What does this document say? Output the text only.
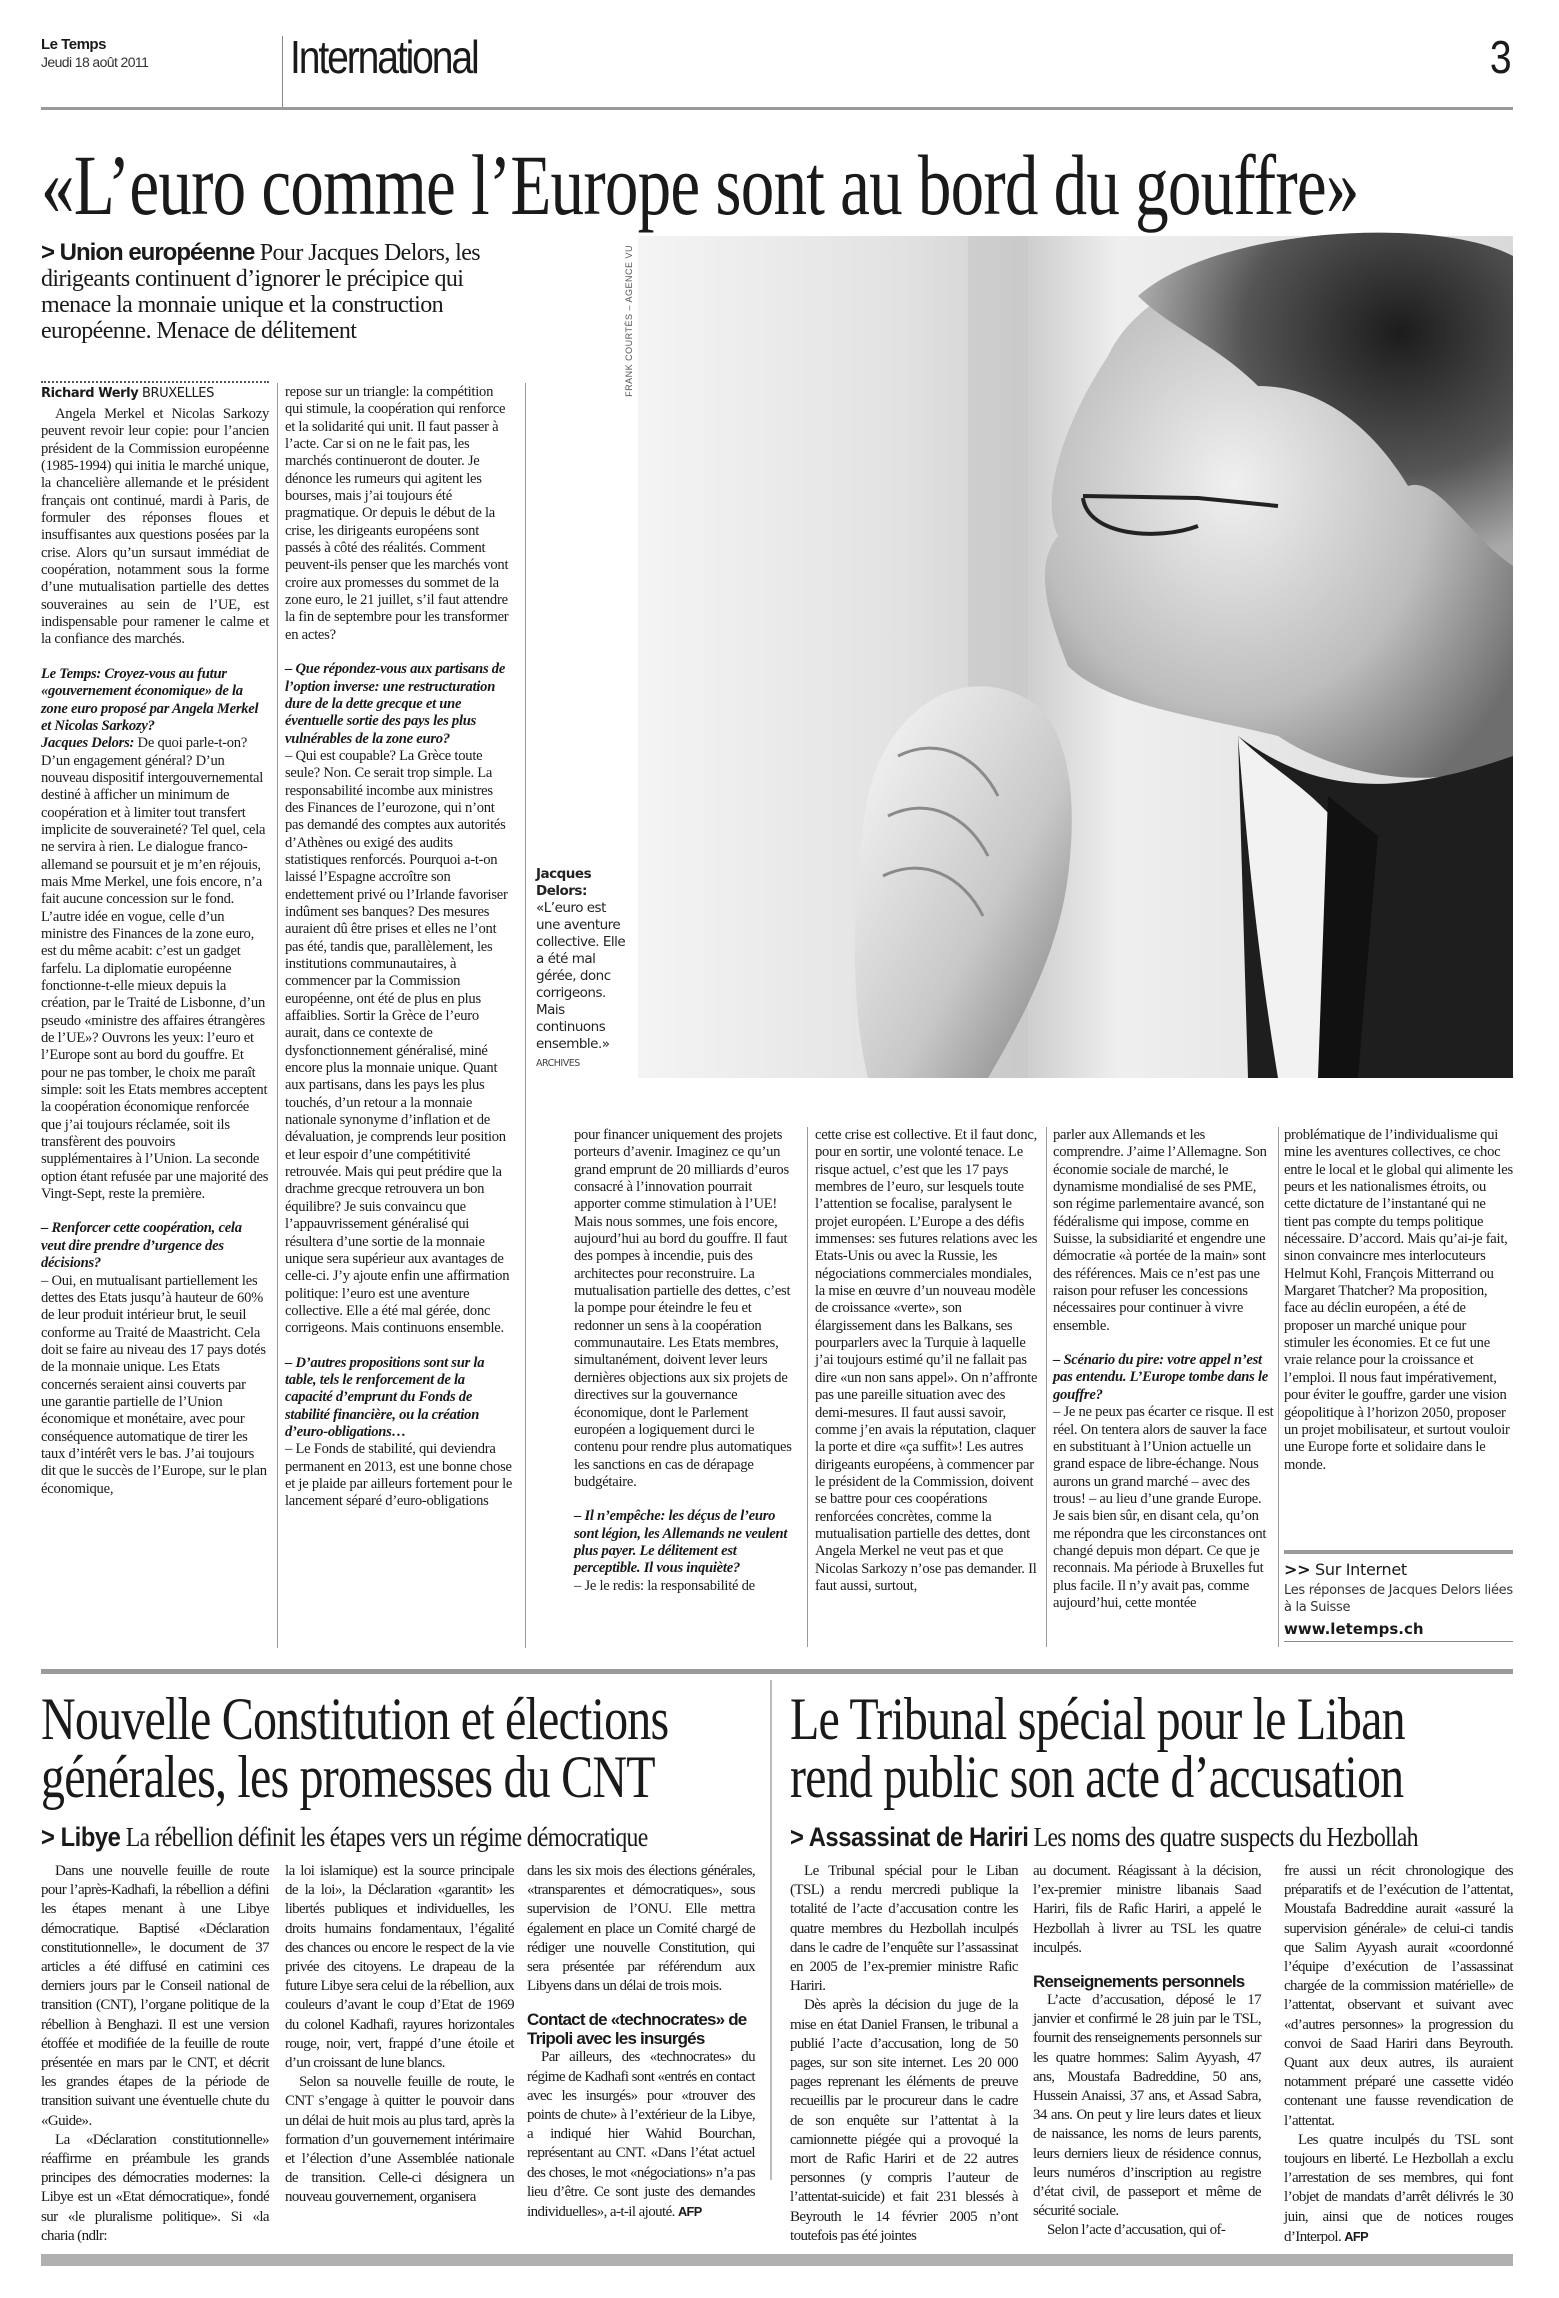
Le Temps
Jeudi 18 août 2011	International	3
«L’euro comme l’Europe sont au bord du gouffre»
> Union européenne Pour Jacques Delors, les dirigeants continuent d’ignorer le précipice qui menace la monnaie unique et la construction européenne. Menace de délitement	FRANK COURTÈS – AGENCE VU
Jacques Delors:
«L’euro est une aventure collective. Elle a été mal gérée, donc corrigeons. Mais continuons ensemble.»
ARCHIVES
Richard Werly BRUXELLES

Angela Merkel et Nicolas Sarkozy peuvent revoir leur copie: pour l’ancien président de la Commission européenne (1985-1994) qui initia le marché unique, la chancelière allemande et le président français ont continué, mardi à Paris, de formuler des réponses floues et insuffisantes aux questions posées par la crise. Alors qu’un sursaut immédiat de coopération, notamment sous la forme d’une mutualisation partielle des dettes souveraines au sein de l’UE, est indispensable pour ramener le calme et la confiance des marchés.

Le Temps: Croyez-vous au futur «gouvernement économique» de la zone euro proposé par Angela Merkel et Nicolas Sarkozy?

Jacques Delors: De quoi parle-t-on? D’un engagement général? D’un nouveau dispositif intergouvernemental destiné à afficher un minimum de coopération et à limiter tout transfert implicite de souveraineté? Tel quel, cela ne servira à rien. Le dialogue franco-allemand se poursuit et je m’en réjouis, mais Mme Merkel, une fois encore, n’a fait aucune concession sur le fond. L’autre idée en vogue, celle d’un ministre des Finances de la zone euro, est du même acabit: c’est un gadget farfelu. La diplomatie européenne fonctionne-t-elle mieux depuis la création, par le Traité de Lisbonne, d’un pseudo «ministre des affaires étrangères de l’UE»? Ouvrons les yeux: l’euro et l’Europe sont au bord du gouffre. Et pour ne pas tomber, le choix me paraît simple: soit les Etats membres acceptent la coopération économique renforcée que j’ai toujours réclamée, soit ils transfèrent des pouvoirs supplémentaires à l’Union. La seconde option étant refusée par une majorité des Vingt-Sept, reste la première.

– Renforcer cette coopération, cela veut dire prendre d’urgence des décisions?

– Oui, en mutualisant partiellement les dettes des Etats jusqu’à hauteur de 60% de leur produit intérieur brut, le seuil conforme au Traité de Maastricht. Cela doit se faire au niveau des 17 pays dotés de la monnaie unique. Les Etats concernés seraient ainsi couverts par une garantie partielle de l’Union économique et monétaire, avec pour conséquence automatique de tirer les taux d’intérêt vers le bas. J’ai toujours dit que le succès de l’Europe, sur le plan économique,

repose sur un triangle: la compétition qui stimule, la coopération qui renforce et la solidarité qui unit. Il faut passer à l’acte. Car si on ne le fait pas, les marchés continueront de douter. Je dénonce les rumeurs qui agitent les bourses, mais j’ai toujours été pragmatique. Or depuis le début de la crise, les dirigeants européens sont passés à côté des réalités. Comment peuvent-ils penser que les marchés vont croire aux promesses du sommet de la zone euro, le 21 juillet, s’il faut attendre la fin de septembre pour les transformer en actes?

– Que répondez-vous aux partisans de l’option inverse: une restructuration dure de la dette grecque et une éventuelle sortie des pays les plus vulnérables de la zone euro?

– Qui est coupable? La Grèce toute seule? Non. Ce serait trop simple. La responsabilité incombe aux ministres des Finances de l’eurozone, qui n’ont pas demandé des comptes aux autorités d’Athènes ou exigé des audits statistiques renforcés. Pourquoi a-t-on laissé l’Espagne accroître son endettement privé ou l’Irlande favoriser indûment ses banques? Des mesures auraient dû être prises et elles ne l’ont pas été, tandis que, parallèlement, les institutions communautaires, à commencer par la Commission européenne, ont été de plus en plus affaiblies. Sortir la Grèce de l’euro aurait, dans ce contexte de dysfonctionnement généralisé, miné encore plus la monnaie unique. Quant aux partisans, dans les pays les plus touchés, d’un retour a la monnaie nationale synonyme d’inflation et de dévaluation, je comprends leur position et leur espoir d’une compétitivité retrouvée. Mais qui peut prédire que la drachme grecque retrouvera un bon équilibre? Je suis convaincu que l’appauvrissement généralisé qui résultera d’une sortie de la monnaie unique sera supérieur aux avantages de celle-ci. J’y ajoute enfin une affirmation politique: l’euro est une aventure collective. Elle a été mal gérée, donc corrigeons. Mais continuons ensemble.

– D’autres propositions sont sur la table, tels le renforcement de la capacité d’emprunt du Fonds de stabilité financière, ou la création d’euro-obligations…

– Le Fonds de stabilité, qui deviendra permanent en 2013, est une bonne chose et je plaide par ailleurs fortement pour le lancement séparé d’euro-obligations

pour financer uniquement des projets porteurs d’avenir. Imaginez ce qu’un grand emprunt de 20 milliards d’euros consacré à l’innovation pourrait apporter comme stimulation à l’UE! Mais nous sommes, une fois encore, aujourd’hui au bord du gouffre. Il faut des pompes à incendie, puis des architectes pour reconstruire. La mutualisation partielle des dettes, c’est la pompe pour éteindre le feu et redonner un sens à la coopération communautaire. Les Etats membres, simultanément, doivent lever leurs dernières objections aux six projets de directives sur la gouvernance économique, dont le Parlement européen a logiquement durci le contenu pour rendre plus automatiques les sanctions en cas de dérapage budgétaire.

– Il n’empêche: les déçus de l’euro sont légion, les Allemands ne veulent plus payer. Le délitement est perceptible. Il vous inquiète?

– Je le redis: la responsabilité de

cette crise est collective. Et il faut donc, pour en sortir, une volonté tenace. Le risque actuel, c’est que les 17 pays membres de l’euro, sur lesquels toute l’attention se focalise, paralysent le projet européen. L’Europe a des défis immenses: ses futures relations avec les Etats-Unis ou avec la Russie, les négociations commerciales mondiales, la mise en œuvre d’un nouveau modèle de croissance «verte», son élargissement dans les Balkans, ses pourparlers avec la Turquie à laquelle j’ai toujours estimé qu’il ne fallait pas dire «un non sans appel». On n’affronte pas une pareille situation avec des demi-mesures. Il faut aussi savoir, comme j’en avais la réputation, claquer la porte et dire «ça suffit»! Les autres dirigeants européens, à commencer par le président de la Commission, doivent se battre pour ces coopérations renforcées concrètes, comme la mutualisation partielle des dettes, dont Angela Merkel ne veut pas et que Nicolas Sarkozy n’ose pas demander. Il faut aussi, surtout,

parler aux Allemands et les comprendre. J’aime l’Allemagne. Son économie sociale de marché, le dynamisme mondialisé de ses PME, son régime parlementaire avancé, son fédéralisme qui impose, comme en Suisse, la subsidiarité et engendre une démocratie «à portée de la main» sont des références. Mais ce n’est pas une raison pour refuser les concessions nécessaires pour continuer à vivre ensemble.

– Scénario du pire: votre appel n’est pas entendu. L’Europe tombe dans le gouffre?

– Je ne peux pas écarter ce risque. Il est réel. On tentera alors de sauver la face en substituant à l’Union actuelle un grand espace de libre-échange. Nous aurons un grand marché – avec des trous! – au lieu d’une grande Europe. Je sais bien sûr, en disant cela, qu’on me répondra que les circonstances ont changé depuis mon départ. Ce que je reconnais. Ma période à Bruxelles fut plus facile. Il n’y avait pas, comme aujourd’hui, cette montée

problématique de l’individualisme qui mine les aventures collectives, ce choc entre le local et le global qui alimente les peurs et les nationalismes étroits, ou cette dictature de l’instantané qui ne tient pas compte du temps politique nécessaire. D’accord. Mais qu’ai-je fait, sinon convaincre mes interlocuteurs Helmut Kohl, François Mitterrand ou Margaret Thatcher? Ma proposition, face au déclin européen, a été de proposer un marché unique pour stimuler les économies. Et ce fut une vraie relance pour la croissance et l’emploi. Il nous faut impérativement, pour éviter le gouffre, garder une vision géopolitique à l’horizon 2050, proposer un projet mobilisateur, et surtout vouloir une Europe forte et solidaire dans le monde.

>> Sur Internet
Les réponses de Jacques Delors liées à la Suisse
www.letemps.ch
Nouvelle Constitution et élections
générales, les promesses du CNT
> Libye La rébellion définit les étapes vers un régime démocratique

Dans une nouvelle feuille de route pour l’après-Kadhafi, la rébellion a défini les étapes menant à une Libye démocratique. Baptisé «Déclaration constitutionnelle», le document de 37 articles a été diffusé en catimini ces derniers jours par le Conseil national de transition (CNT), l’organe politique de la rébellion à Benghazi. Il est une version étoffée et modifiée de la feuille de route présentée en mars par le CNT, et décrit les grandes étapes de la période de transition suivant une éventuelle chute du «Guide».

La «Déclaration constitutionnelle» réaffirme en préambule les grands principes des démocraties modernes: la Libye est un «Etat démocratique», fondé sur «le pluralisme politique». Si «la charia (ndlr:

la loi islamique) est la source principale de la loi», la Déclaration «garantit» les libertés publiques et individuelles, les droits humains fondamentaux, l’égalité des chances ou encore le respect de la vie privée des citoyens. Le drapeau de la future Libye sera celui de la rébellion, aux couleurs d’avant le coup d’Etat de 1969 du colonel Kadhafi, rayures horizontales rouge, noir, vert, frappé d’une étoile et d’un croissant de lune blancs.

Selon sa nouvelle feuille de route, le CNT s’engage à quitter le pouvoir dans un délai de huit mois au plus tard, après la formation d’un gouvernement intérimaire et l’élection d’une Assemblée nationale de transition. Celle-ci désignera un nouveau gouvernement, organisera

dans les six mois des élections générales, «transparentes et démocratiques», sous supervision de l’ONU. Elle mettra également en place un Comité chargé de rédiger une nouvelle Constitution, qui sera présentée par référendum aux Libyens dans un délai de trois mois.

Contact de «technocrates» de Tripoli avec les insurgés

Par ailleurs, des «technocrates» du régime de Kadhafi sont «entrés en contact avec les insurgés» pour «trouver des points de chute» à l’extérieur de la Libye, a indiqué hier Wahid Bourchan, représentant au CNT. «Dans l’état actuel des choses, le mot «négociations» n’a pas lieu d’être. Ce sont juste des demandes individuelles», a-t-il ajouté. AFP

Le Tribunal spécial pour le Liban
rend public son acte d’accusation
> Assassinat de Hariri Les noms des quatre suspects du Hezbollah

Le Tribunal spécial pour le Liban (TSL) a rendu mercredi publique la totalité de l’acte d’accusation contre les quatre membres du Hezbollah inculpés dans le cadre de l’enquête sur l’assassinat en 2005 de l’ex-premier ministre Rafic Hariri.

Dès après la décision du juge de la mise en état Daniel Fransen, le tribunal a publié l’acte d’accusation, long de 50 pages, sur son site internet. Les 20 000 pages reprenant les éléments de preuve recueillis par le procureur dans le cadre de son enquête sur l’attentat à la camionnette piégée qui a provoqué la mort de Rafic Hariri et de 22 autres personnes (y compris l’auteur de l’attentat-suicide) et fait 231 blessés à Beyrouth le 14 février 2005 n’ont toutefois pas été jointes

au document. Réagissant à la décision, l’ex-premier ministre libanais Saad Hariri, fils de Rafic Hariri, a appelé le Hezbollah à livrer au TSL les quatre inculpés.

Renseignements personnels

L’acte d’accusation, déposé le 17 janvier et confirmé le 28 juin par le TSL, fournit des renseignements personnels sur les quatre hommes: Salim Ayyash, 47 ans, Moustafa Badreddine, 50 ans, Hussein Anaissi, 37 ans, et Assad Sabra, 34 ans. On peut y lire leurs dates et lieux de naissance, les noms de leurs parents, leurs derniers lieux de résidence connus, leurs numéros d’inscription au registre d’état civil, de passeport et même de sécurité sociale.

Selon l’acte d’accusation, qui of-

fre aussi un récit chronologique des préparatifs et de l’exécution de l’attentat, Moustafa Badreddine aurait «assuré la supervision générale» de celui-ci tandis que Salim Ayyash aurait «coordonné l’équipe d’exécution de l’assassinat chargée de la commission matérielle» de l’attentat, observant et suivant avec «d’autres personnes» la progression du convoi de Saad Hariri dans Beyrouth. Quant aux deux autres, ils auraient notamment préparé une cassette vidéo contenant une fausse revendication de l’attentat.

Les quatre inculpés du TSL sont toujours en liberté. Le Hezbollah a exclu l’arrestation de ses membres, qui font l’objet de mandats d’arrêt délivrés le 30 juin, ainsi que de notices rouges d’Interpol. AFP
